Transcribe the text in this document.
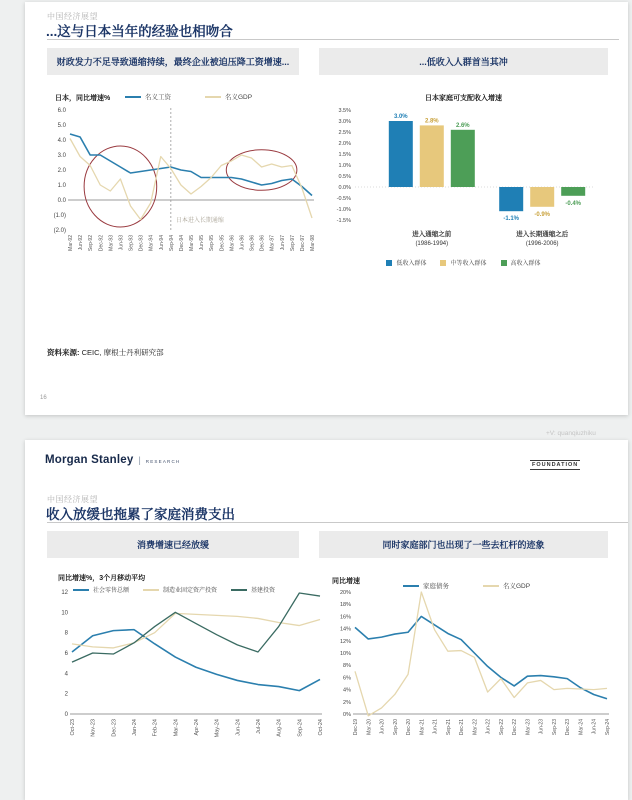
中国经济展望
...这与日本当年的经验也相吻合
财政发力不足导致通缩持续，最终企业被迫压降工资增速...	...低收入人群首当其冲
日本，同比增速%	名义工资	名义GDP
6.0
5.0
4.0
3.0
2.0
1.0
0.0
(1.0)
(2.0)
日本进入长期通缩
Mar-92 Jun-92 Sep-92 Dec-92 Mar-93 Jun-93 Sep-93 Dec-93 Mar-94 Jun-94 Sep-94 Dec-94 Mar-95 Jun-95 Sep-95 Dec-95 Mar-96 Jun-96 Sep-96 Dec-96 Mar-97 Jun-97 Sep-97 Dec-97 Mar-98
日本家庭可支配收入增速
3.5%
3.0%
2.5%
2.0%
1.5%
1.0%
0.5%
0.0%
-0.5%
-1.0%
-1.5%
3.0%
-1.1%
2.8%
-0.9%
2.6%
-0.4%
进入通缩之前
(1986-1994)
进入长期通缩之后
(1996-2006)
低收入群体	中等收入群体	高收入群体
资料来源: CEIC, 摩根士丹利研究部
16
+V: quanqiuzhiku
Morgan Stanley | RESEARCH
FOUNDATION
中国经济展望
收入放缓也拖累了家庭消费支出
消费增速已经放缓	同时家庭部门也出现了一些去杠杆的迹象
同比增速%，3个月移动平均
社会零售总额	制造业固定资产投资	基建投资
12
10
8
6
4
2
0
Oct-23	Nov-23	Dec-23	Jan-24	Feb-24	Mar-24	Apr-24	May-24	Jun-24	Jul-24	Aug-24	Sep-24	Oct-24
同比增速
家庭债务	名义GDP
20%
18%
16%
14%
12%
10%
8%
6%
4%
2%
0%
Dec-19 Mar-20 Jun-20 Sep-20 Dec-20 Mar-21 Jun-21 Sep-21 Dec-21 Mar-22 Jun-22 Sep-22 Dec-22 Mar-23 Jun-23 Sep-23 Dec-23 Mar-24 Jun-24 Sep-24
